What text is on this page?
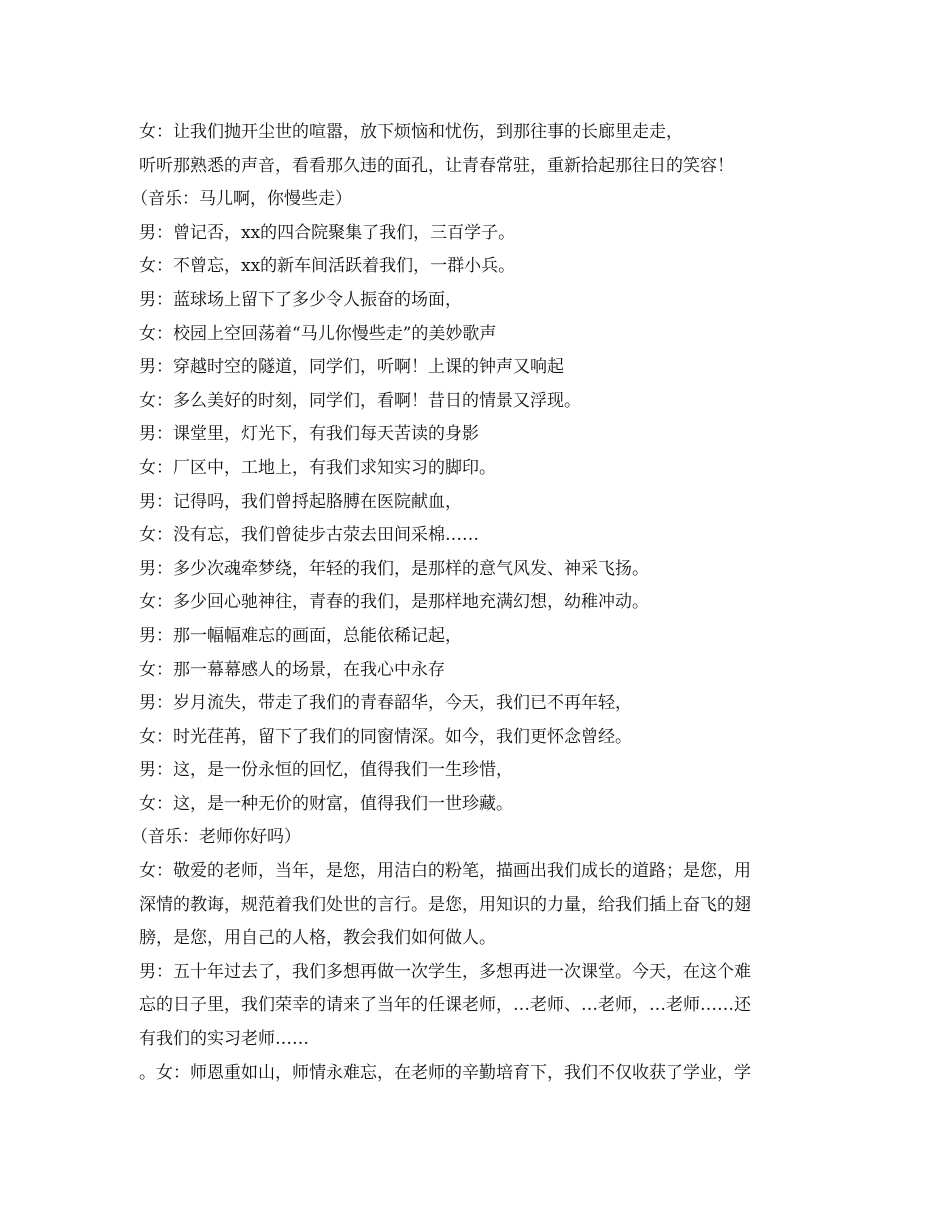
女：让我们抛开尘世的喧嚣，放下烦恼和忧伤，到那往事的长廊里走走，
听听那熟悉的声音，看看那久违的面孔，让青春常驻，重新拾起那往日的笑容！
（音乐：马儿啊，你慢些走）
男：曾记否，xx的四合院聚集了我们，三百学子。
女：不曾忘，xx的新车间活跃着我们，一群小兵。
男：蓝球场上留下了多少令人振奋的场面，
女：校园上空回荡着“马儿你慢些走”的美妙歌声
男：穿越时空的隧道，同学们，听啊！上课的钟声又响起
女：多么美好的时刻，同学们，看啊！昔日的情景又浮现。
男：课堂里，灯光下，有我们每天苦读的身影
女：厂区中，工地上，有我们求知实习的脚印。
男：记得吗，我们曾捋起胳膊在医院献血，
女：没有忘，我们曾徒步古荥去田间采棉……
男：多少次魂牵梦绕，年轻的我们，是那样的意气风发、神采飞扬。
女：多少回心驰神往，青春的我们，是那样地充满幻想，幼稚冲动。
男：那一幅幅难忘的画面，总能依稀记起，
女：那一幕幕感人的场景，在我心中永存
男：岁月流失，带走了我们的青春韶华，今天，我们已不再年轻，
女：时光荏苒，留下了我们的同窗情深。如今，我们更怀念曾经。
男：这，是一份永恒的回忆，值得我们一生珍惜，
女：这，是一种无价的财富，值得我们一世珍藏。
（音乐：老师你好吗）
女：敬爱的老师，当年，是您，用洁白的粉笔，描画出我们成长的道路；是您，用
深情的教诲，规范着我们处世的言行。是您，用知识的力量，给我们插上奋飞的翅
膀，是您，用自己的人格，教会我们如何做人。
男：五十年过去了，我们多想再做一次学生，多想再进一次课堂。今天，在这个难
忘的日子里，我们荣幸的请来了当年的任课老师，…老师、…老师，…老师……还
有我们的实习老师……
。女：师恩重如山，师情永难忘，在老师的辛勤培育下，我们不仅收获了学业，学
